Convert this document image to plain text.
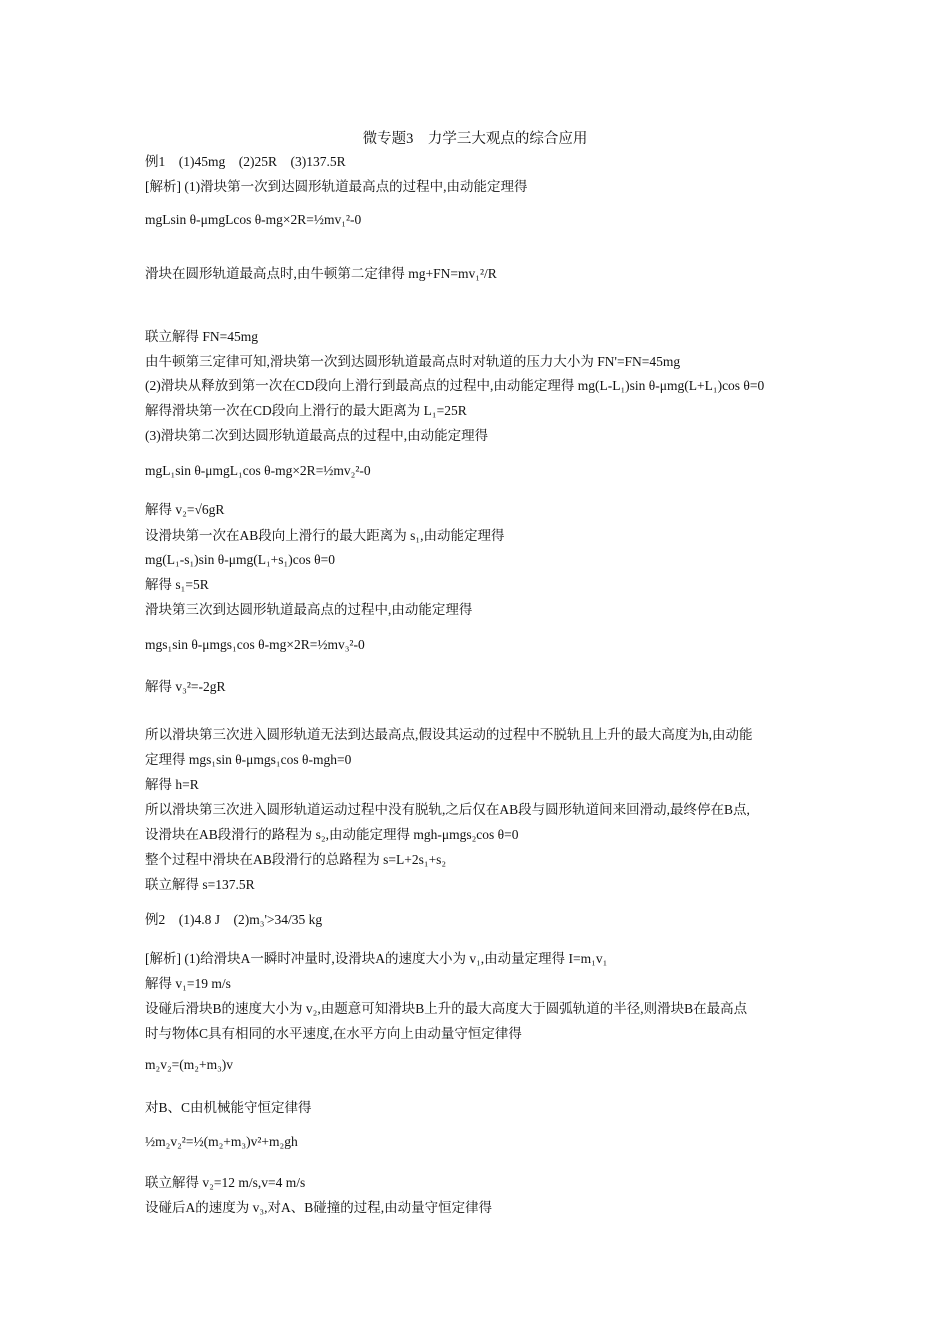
微专题3　力学三大观点的综合应用
例1　(1)45mg　(2)25R　(3)137.5R
[解析] (1)滑块第一次到达圆形轨道最高点的过程中,由动能定理得
mgLsin θ-μmgLcos θ-mg×2R=½mv₁²-0
滑块在圆形轨道最高点时,由牛顿第二定律得 mg+FN=mv₁²/R
联立解得 FN=45mg
由牛顿第三定律可知,滑块第一次到达圆形轨道最高点时对轨道的压力大小为 FN'=FN=45mg
(2)滑块从释放到第一次在CD段向上滑行到最高点的过程中,由动能定理得 mg(L-L₁)sin θ-μmg(L+L₁)cos θ=0
解得滑块第一次在CD段向上滑行的最大距离为 L₁=25R
(3)滑块第二次到达圆形轨道最高点的过程中,由动能定理得
mgL₁sin θ-μmgL₁cos θ-mg×2R=½mv₂²-0
解得 v₂=√6gR
设滑块第一次在AB段向上滑行的最大距离为 s₁,由动能定理得
mg(L₁-s₁)sin θ-μmg(L₁+s₁)cos θ=0
解得 s₁=5R
滑块第三次到达圆形轨道最高点的过程中,由动能定理得
mgs₁sin θ-μmgs₁cos θ-mg×2R=½mv₃²-0
解得 v₃²=-2gR
所以滑块第三次进入圆形轨道无法到达最高点,假设其运动的过程中不脱轨且上升的最大高度为h,由动能
定理得 mgs₁sin θ-μmgs₁cos θ-mgh=0
解得 h=R
所以滑块第三次进入圆形轨道运动过程中没有脱轨,之后仅在AB段与圆形轨道间来回滑动,最终停在B点,
设滑块在AB段滑行的路程为 s₂,由动能定理得 mgh-μmgs₂cos θ=0
整个过程中滑块在AB段滑行的总路程为 s=L+2s₁+s₂
联立解得 s=137.5R
例2　(1)4.8 J　(2)m₃'>34/35 kg
[解析] (1)给滑块A一瞬时冲量时,设滑块A的速度大小为 v₁,由动量定理得 I=m₁v₁
解得 v₁=19 m/s
设碰后滑块B的速度大小为 v₂,由题意可知滑块B上升的最大高度大于圆弧轨道的半径,则滑块B在最高点
时与物体C具有相同的水平速度,在水平方向上由动量守恒定律得
m₂v₂=(m₂+m₃)v
对B、C由机械能守恒定律得
½m₂v₂²=½(m₂+m₃)v²+m₂gh
联立解得 v₂=12 m/s,v=4 m/s
设碰后A的速度为 v₃,对A、B碰撞的过程,由动量守恒定律得
